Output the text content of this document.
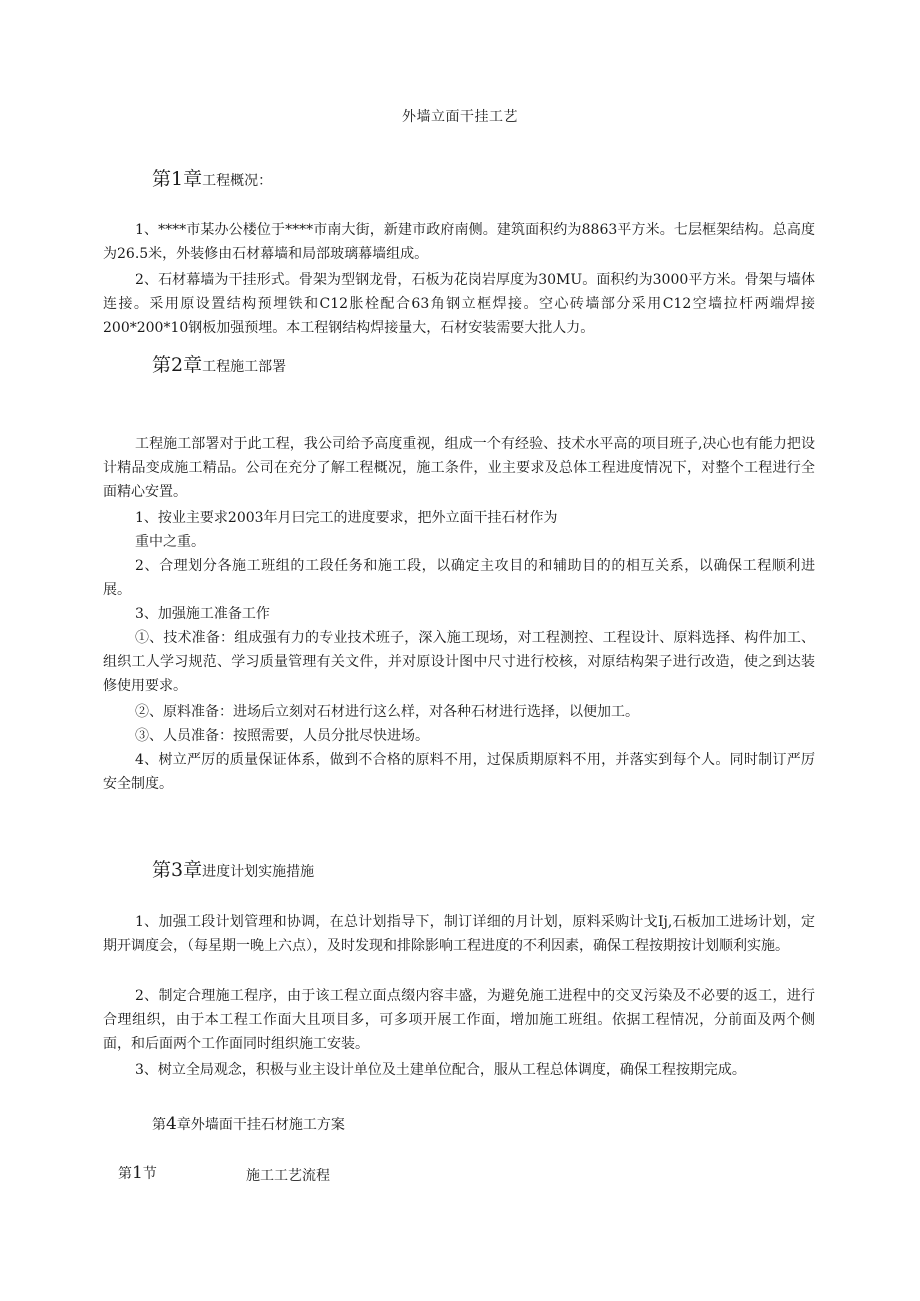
外墙立面干挂工艺
第1章工程概况：
1、****市某办公楼位于****市南大街，新建市政府南侧。建筑面积约为8863平方米。七层框架结构。总高度为26.5米，外装修由石材幕墙和局部玻璃幕墙组成。
2、石材幕墙为干挂形式。骨架为型钢龙骨，石板为花岗岩厚度为30MU。面积约为3000平方米。骨架与墙体连接。采用原设置结构预埋铁和C12胀栓配合63角钢立框焊接。空心砖墙部分采用C12空墙拉杆两端焊接200*200*10钢板加强预埋。本工程钢结构焊接量大，石材安装需要大批人力。
第2章工程施工部署
工程施工部署对于此工程，我公司给予高度重视，组成一个有经验、技术水平高的项目班子,决心也有能力把设计精品变成施工精品。公司在充分了解工程概况，施工条件，业主要求及总体工程进度情况下，对整个工程进行全面精心安置。
1、按业主要求2003年月曰完工的进度要求，把外立面干挂石材作为
重中之重。
2、合理划分各施工班组的工段任务和施工段，以确定主攻目的和辅助目的的相互关系，以确保工程顺利进展。
3、加强施工准备工作
①、技术准备：组成强有力的专业技术班子，深入施工现场，对工程测控、工程设计、原料选择、构件加工、组织工人学习规范、学习质量管理有关文件，并对原设计图中尺寸进行校核，对原结构架子进行改造，使之到达装修使用要求。
②、原料准备：进场后立刻对石材进行这么样，对各种石材进行选择，以便加工。
③、人员准备：按照需要，人员分批尽快进场。
4、树立严厉的质量保证体系，做到不合格的原料不用，过保质期原料不用，并落实到每个人。同时制订严厉安全制度。
第3章进度计划实施措施
1、加强工段计划管理和协调，在总计划指导下，制订详细的月计划，原料采购计戈Ij,石板加工进场计划，定期开调度会，（每星期一晚上六点），及时发现和排除影响工程进度的不利因素，确保工程按期按计划顺利实施。
2、制定合理施工程序，由于该工程立面点缀内容丰盛，为避免施工进程中的交叉污染及不必要的返工，进行合理组织，由于本工程工作面大且项目多，可多项开展工作面，增加施工班组。依据工程情况，分前面及两个侧面，和后面两个工作面同时组织施工安装。
3、树立全局观念，积极与业主设计单位及土建单位配合，服从工程总体调度，确保工程按期完成。
第4章外墙面干挂石材施工方案
第1节	施工工艺流程
